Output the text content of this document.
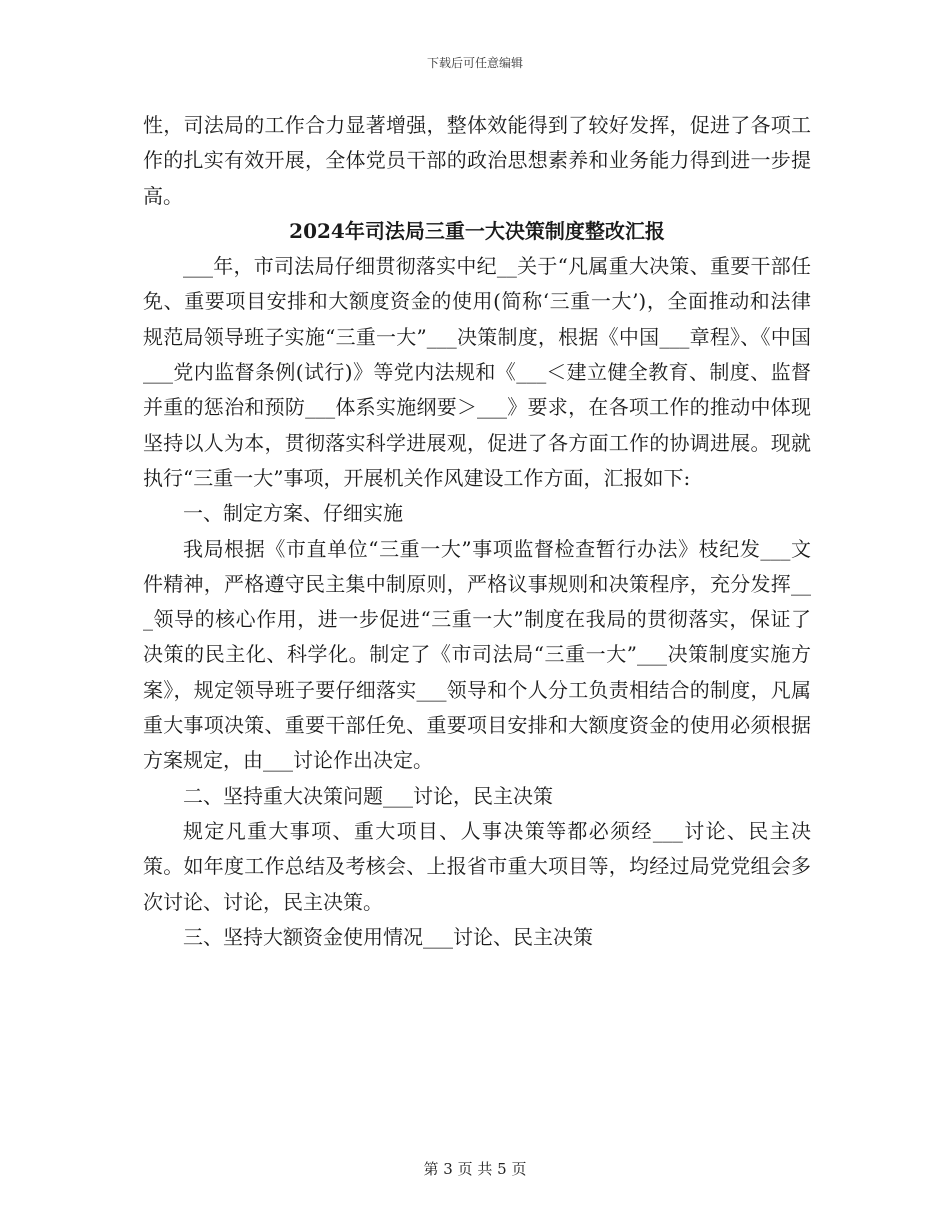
下载后可任意编辑

性，司法局的工作合力显著增强，整体效能得到了较好发挥，促进了各项工作的扎实有效开展，全体党员干部的政治思想素养和业务能力得到进一步提高。

2024年司法局三重一大决策制度整改汇报

___年，市司法局仔细贯彻落实中纪__关于“凡属重大决策、重要干部任免、重要项目安排和大额度资金的使用(简称‘三重一大’)，全面推动和法律规范局领导班子实施“三重一大”___决策制度，根据《中国___章程》、《中国___党内监督条例(试行)》等党内法规和《___＜建立健全教育、制度、监督并重的惩治和预防___体系实施纲要＞___》要求，在各项工作的推动中体现坚持以人为本，贯彻落实科学进展观，促进了各方面工作的协调进展。现就执行“三重一大”事项，开展机关作风建设工作方面，汇报如下:

一、制定方案、仔细实施

我局根据《市直单位“三重一大”事项监督检查暂行办法》枝纪发___文件精神，严格遵守民主集中制原则，严格议事规则和决策程序，充分发挥___领导的核心作用，进一步促进“三重一大”制度在我局的贯彻落实，保证了决策的民主化、科学化。制定了《市司法局“三重一大”___决策制度实施方案》，规定领导班子要仔细落实___领导和个人分工负责相结合的制度，凡属重大事项决策、重要干部任免、重要项目安排和大额度资金的使用必须根据方案规定，由___讨论作出决定。

二、坚持重大决策问题___讨论，民主决策

规定凡重大事项、重大项目、人事决策等都必须经___讨论、民主决策。如年度工作总结及考核会、上报省市重大项目等，均经过局党党组会多次讨论、讨论，民主决策。

三、坚持大额资金使用情况___讨论、民主决策

第 3 页 共 5 页
